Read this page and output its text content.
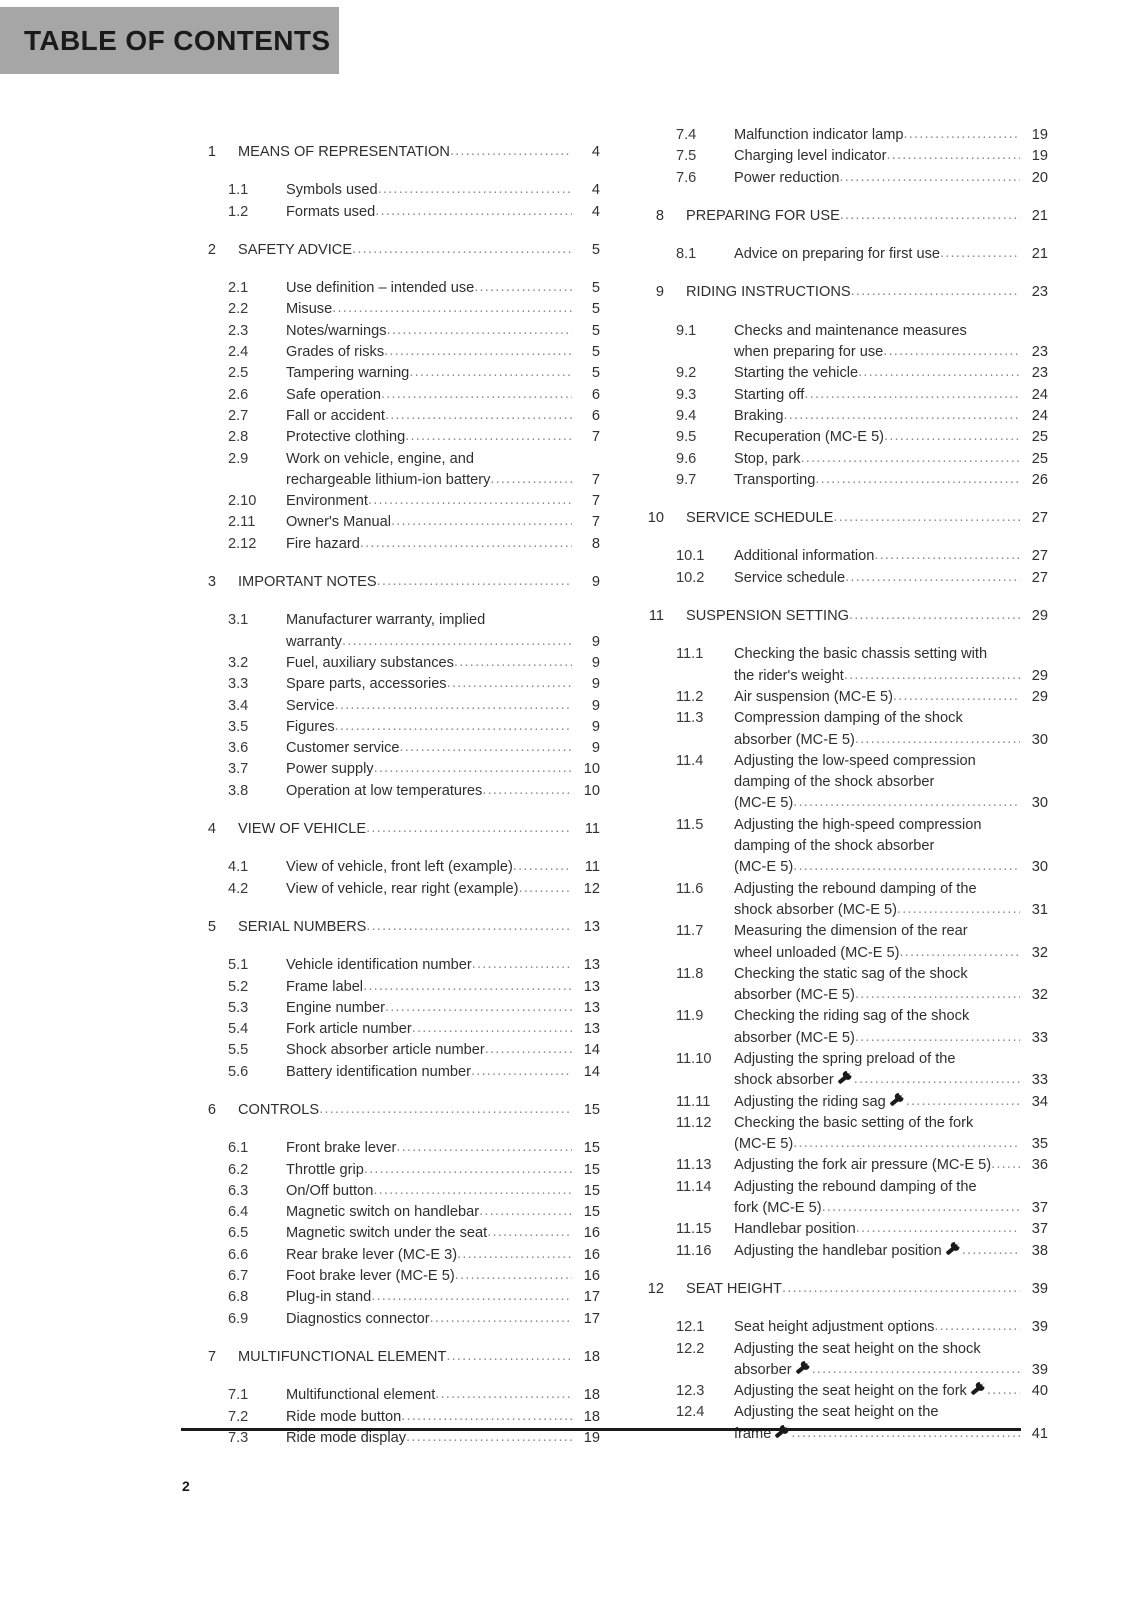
TABLE OF CONTENTS
1 MEANS OF REPRESENTATION .....	4
1.1	Symbols used .....	4
1.2	Formats used .....	4
2 SAFETY ADVICE .....	5
2.1	Use definition – intended use .....	5
2.2	Misuse .....	5
2.3	Notes/warnings .....	5
2.4	Grades of risks .....	5
2.5	Tampering warning .....	5
2.6	Safe operation .....	6
2.7	Fall or accident .....	6
2.8	Protective clothing .....	7
2.9	Work on vehicle, engine, and
rechargeable lithium-ion battery .....	7
2.10	Environment .....	7
2.11	Owner's Manual .....	7
2.12	Fire hazard .....	8
3 IMPORTANT NOTES .....	9
3.1	Manufacturer warranty, implied
warranty .....	9
3.2	Fuel, auxiliary substances .....	9
3.3	Spare parts, accessories .....	9
3.4	Service .....	9
3.5	Figures .....	9
3.6	Customer service .....	9
3.7	Power supply .....	10
3.8	Operation at low temperatures .....	10
4 VIEW OF VEHICLE .....	11
4.1	View of vehicle, front left (example) .....	11
4.2	View of vehicle, rear right (example) .....	12
5 SERIAL NUMBERS .....	13
5.1	Vehicle identification number .....	13
5.2	Frame label .....	13
5.3	Engine number .....	13
5.4	Fork article number .....	13
5.5	Shock absorber article number .....	14
5.6	Battery identification number .....	14
6 CONTROLS .....	15
6.1	Front brake lever .....	15
6.2	Throttle grip .....	15
6.3	On/Off button .....	15
6.4	Magnetic switch on handlebar .....	15
6.5	Magnetic switch under the seat .....	16
6.6	Rear brake lever (MC-E 3) .....	16
6.7	Foot brake lever (MC-E 5) .....	16
6.8	Plug-in stand .....	17
6.9	Diagnostics connector .....	17
7 MULTIFUNCTIONAL ELEMENT .....	18
7.1	Multifunctional element .....	18
7.2	Ride mode button .....	18
7.3	Ride mode display .....	19
7.4	Malfunction indicator lamp .....	19
7.5	Charging level indicator .....	19
7.6	Power reduction .....	20
8 PREPARING FOR USE .....	21
8.1	Advice on preparing for first use .....	21
9 RIDING INSTRUCTIONS .....	23
9.1	Checks and maintenance measures
when preparing for use .....	23
9.2	Starting the vehicle .....	23
9.3	Starting off .....	24
9.4	Braking .....	24
9.5	Recuperation (MC-E 5) .....	25
9.6	Stop, park .....	25
9.7	Transporting .....	26
10 SERVICE SCHEDULE .....	27
10.1	Additional information .....	27
10.2	Service schedule .....	27
11 SUSPENSION SETTING .....	29
11.1	Checking the basic chassis setting with
the rider's weight .....	29
11.2	Air suspension (MC-E 5) .....	29
11.3	Compression damping of the shock
absorber (MC-E 5) .....	30
11.4	Adjusting the low-speed compression
damping of the shock absorber
(MC-E 5) .....	30
11.5	Adjusting the high-speed compression
damping of the shock absorber
(MC-E 5) .....	30
11.6	Adjusting the rebound damping of the
shock absorber (MC-E 5) .....	31
11.7	Measuring the dimension of the rear
wheel unloaded (MC-E 5) .....	32
11.8	Checking the static sag of the shock
absorber (MC-E 5) .....	32
11.9	Checking the riding sag of the shock
absorber (MC-E 5) .....	33
11.10	Adjusting the spring preload of the
shock absorber .....	33
11.11	Adjusting the riding sag .....	34
11.12	Checking the basic setting of the fork
(MC-E 5) .....	35
11.13	Adjusting the fork air pressure (MC-E 5) .....	36
11.14	Adjusting the rebound damping of the
fork (MC-E 5) .....	37
11.15	Handlebar position .....	37
11.16	Adjusting the handlebar position .....	38
12 SEAT HEIGHT .....	39
12.1	Seat height adjustment options .....	39
12.2	Adjusting the seat height on the shock
absorber .....	39
12.3	Adjusting the seat height on the fork .....	40
12.4	Adjusting the seat height on the
frame .....	41
2
